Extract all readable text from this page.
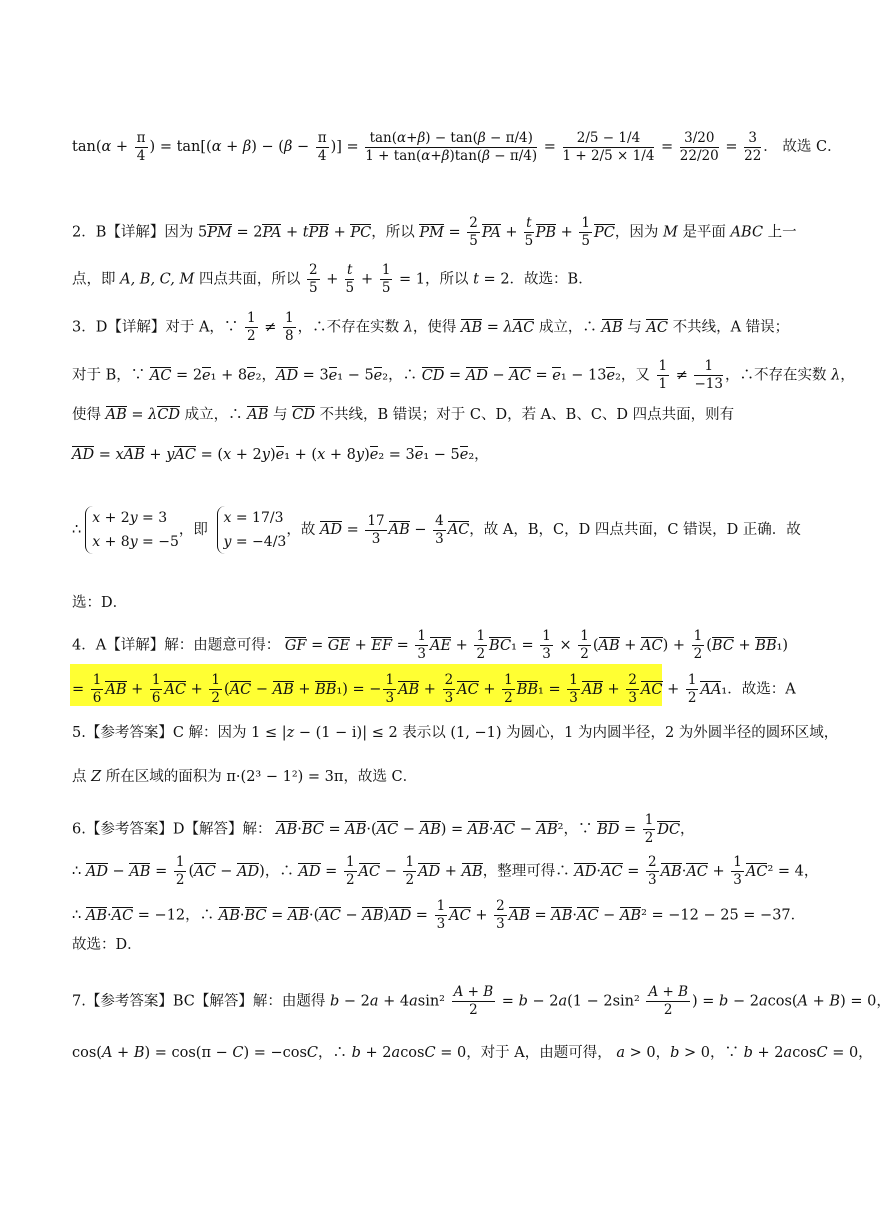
$\tan(\alpha + \frac{\pi}{4}$ ) = $\tan[(\alpha + \beta) - (\beta - \frac{\pi}{4}$ )] = $\frac{\tan(\alpha+\beta) - \tan(\beta - \pi/4)}{1 + \tan(\alpha+\beta)\tan(\beta - \pi/4)} = \frac{2/5 - 1/4}{1 + 2/5 \times 1/4} = \frac{3/20}{22/20} = \frac{3}{22}$ ． 故选 C．
2．B【详解】因为 5PM = 2PA + tPB + PC，所以 PM = $\frac{2}{5}$ PA + $\frac{t}{5}$ PB + $\frac{1}{5}$ PC，因为 M 是平面 ABC 上一
点，即 A, B, C, M 四点共面，所以 $\frac{2}{5} + \frac{t}{5} + \frac{1}{5} = 1$，所以 t = 2．故选：B．
3．D【详解】对于 A，∵ $\frac{1}{2} \ne \frac{1}{8}$ ，∴不存在实数 λ，使得 AB = λAC 成立，∴ AB 与 AC 不共线，A 错误；
对于 B，∵ AC = 2e₁ + 8e₂，AD = 3e₁ − 5e₂，∴ CD = AD − AC = e₁ − 13e₂，又 $\frac{1}{1} \ne \frac{1}{-13}$ ，∴不存在实数 λ，
使得 AB = λCD 成立，∴ AB 与 CD 不共线，B 错误；对于 C、D，若 A、B、C、D 四点共面，则有
AD = xAB + yAC = (x + 2y)e₁ + (x + 8y)e₂ = 3e₁ − 5e₂，
∴
x + 2y = 3
x + 8y = −5
，即
x = 17/3
y = −4/3
，故 AD = $\frac{17}{3}$ AB − $\frac{4}{3}$ AC，故 A，B，C，D 四点共面，C 错误，D 正确．故
选：D．
4．A【详解】解：由题意可得： GF = GE + EF = $\frac{1}{3}$ AE + $\frac{1}{2} BC_1 = \frac{1}{3} \times \frac{1}{2} (AB + AC) + \frac{1}{2} (BC + BB_1)$
= $\frac{1}{6}$ AB + $\frac{1}{6}$ AC + $\frac{1}{2} (AC$ − AB + BB₁) = − $\frac{1}{3}$ AB + $\frac{2}{3}$ AC + $\frac{1}{2} BB_1 = \frac{1}{3}$ AB + $\frac{2}{3}$ AC + $\frac{1}{2} AA_1$．故选：A
5.【参考答案】C 解：因为 1 ≤ |z − (1 − i)| ≤ 2 表示以 (1, −1) 为圆心，1 为内圆半径，2 为外圆半径的圆环区域，
点 Z 所在区域的面积为 π·(2³ − 1²) = 3π，故选 C．
6.【参考答案】D【解答】解： AB·BC = AB·(AC − AB) = AB·AC − AB²，∵ BD = $\frac{1}{2}$ DC，
∴ AD − AB = $\frac{1}{2} (AC - AD)$，∴ AD = $\frac{1}{2}$ AC − $\frac{1}{2}$ AD + AB，整理可得∴ $AD\cdot AC = \frac{2}{3} AB\cdot AC + \frac{1}{3} AC^2 = 4$，
∴ AB·AC = −12，∴ $AB\cdot BC = AB\cdot(AC - AB)AD = \frac{1}{3}$ AC + $\frac{2}{3}$ AB = AB·AC − AB² = −12 − 25 = −37．
故选：D．
7.【参考答案】BC【解答】解：由题得 $b - 2a + 4asin^2 \frac{A + B}{2} = b - 2a(1 - 2\sin^2 \frac{A + B}{2}$ ) = b − 2acos(A + B) = 0，
cos(A + B) = cos(π − C) = −cosC，∴ b + 2acosC = 0，对于 A，由题可得， a > 0，b > 0，∵ b + 2acosC = 0，
